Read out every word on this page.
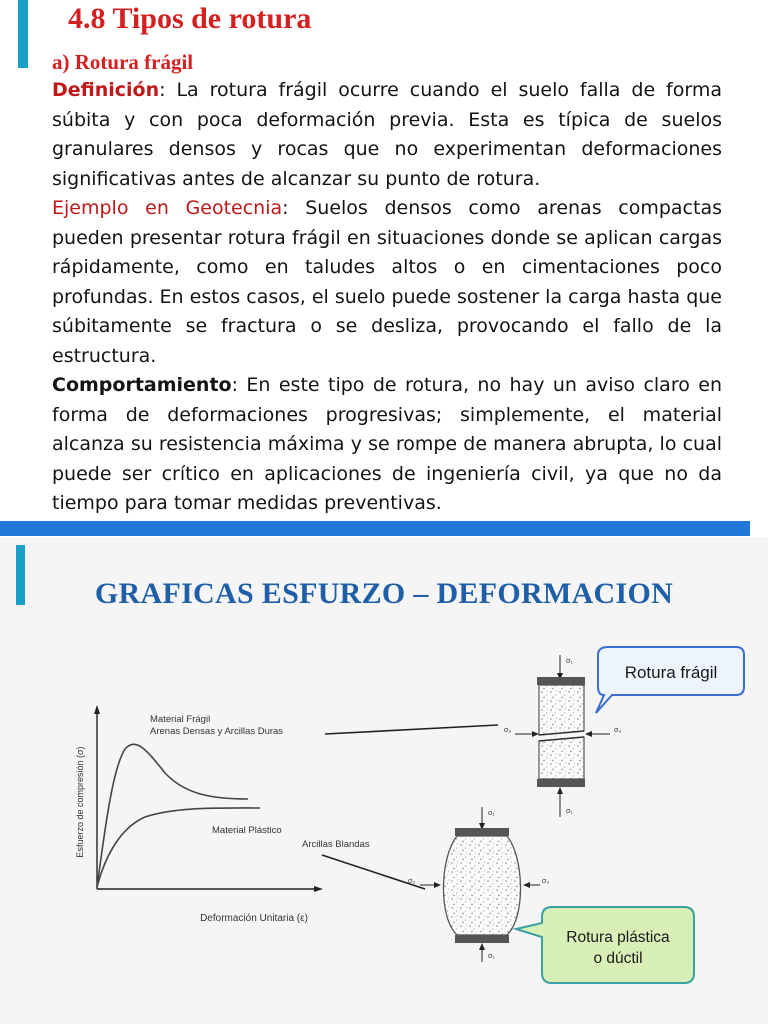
4.8 Tipos de rotura
a) Rotura frágil

Definición: La rotura frágil ocurre cuando el suelo falla de forma súbita y con poca deformación previa. Esta es típica de suelos granulares densos y rocas que no experimentan deformaciones significativas antes de alcanzar su punto de rotura.

Ejemplo en Geotecnia: Suelos densos como arenas compactas pueden presentar rotura frágil en situaciones donde se aplican cargas rápidamente, como en taludes altos o en cimentaciones poco profundas. En estos casos, el suelo puede sostener la carga hasta que súbitamente se fractura o se desliza, provocando el fallo de la estructura.

Comportamiento: En este tipo de rotura, no hay un aviso claro en forma de deformaciones progresivas; simplemente, el material alcanza su resistencia máxima y se rompe de manera abrupta, lo cual puede ser crítico en aplicaciones de ingeniería civil, ya que no da tiempo para tomar medidas preventivas.

GRAFICAS ESFURZO – DEFORMACION
Esfuerzo de compresión (σ)
Deformación Unitaria (ε)
Material Frágil
Arenas Densas y Arcillas Duras
Material Plástico
Arcillas Blandas
σ₁
σ₃	σ₃
σ₁
σ₁
σ₃	σ₃
σ₁
Rotura frágil
Rotura plástica
o dúctil
